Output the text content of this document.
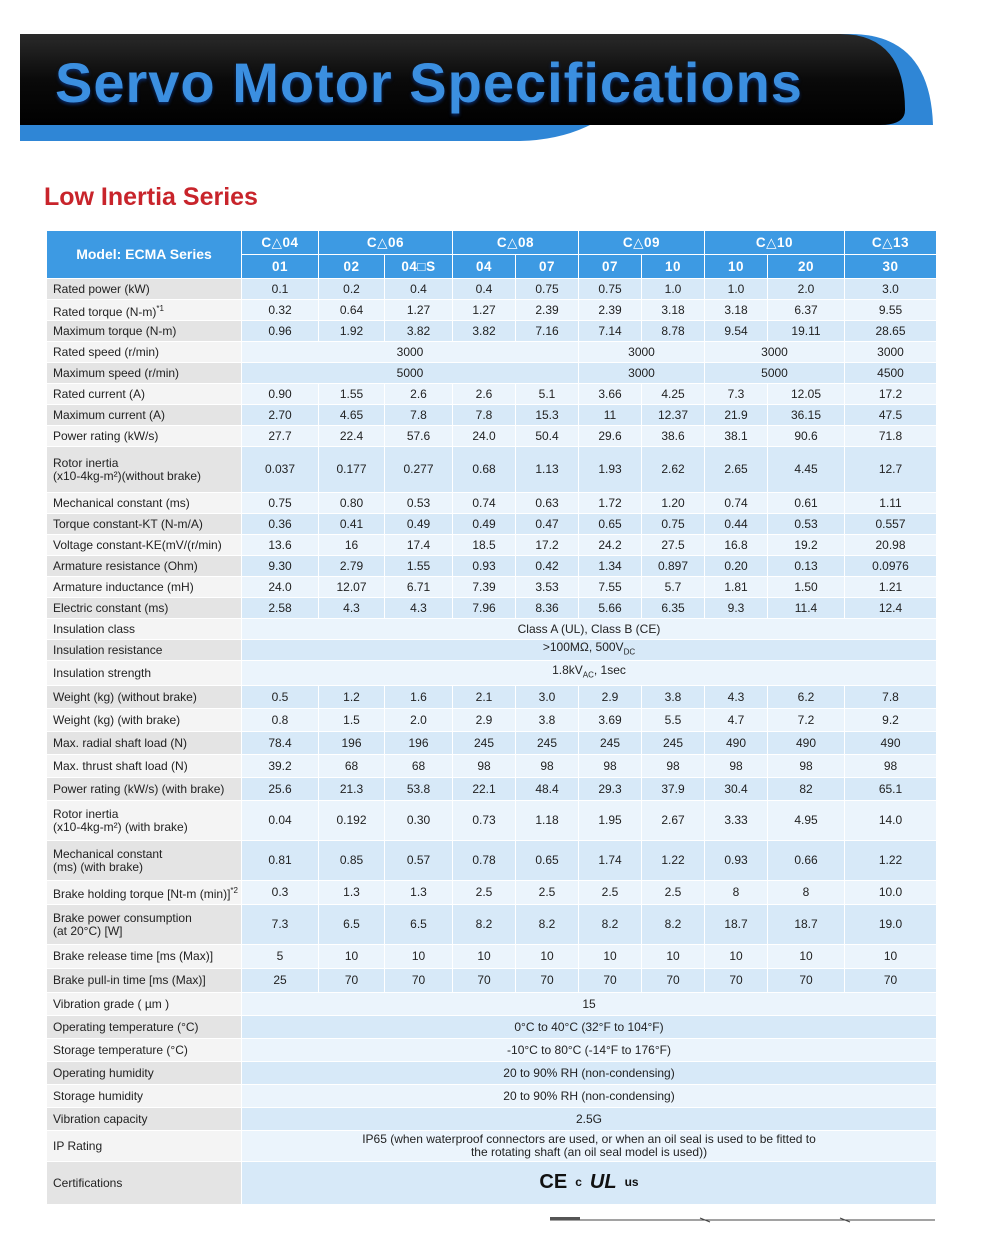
Servo Motor Specifications
Low Inertia Series
Model: ECMA Series	C△04	C△06		C△08		C△09		C△10		C△13
	01	02	04□S	04	07	07	10	10	20	30
Rated power (kW)	0.1	0.2	0.4	0.4	0.75	0.75	1.0	1.0	2.0	3.0
Rated torque $(N-m)^{*1}$	0.32	0.64	1.27	1.27	2.39	2.39	3.18	3.18	6.37	9.55
Maximum torque (N-m)	0.96	1.92	3.82	3.82	7.16	7.14	8.78	9.54	19.11	28.65
Rated speed (r/min)	3000					3000		3000		3000
Maximum speed (r/min)	5000					3000		5000		4500
Rated current (A)	0.90	1.55	2.6	2.6	5.1	3.66	4.25	7.3	12.05	17.2
Maximum current (A)	2.70	4.65	7.8	7.8	15.3	11	12.37	21.9	36.15	47.5
Power rating (kW/s)	27.7	22.4	57.6	24.0	50.4	29.6	38.6	38.1	90.6	71.8
Rotor inertia
(x10-4kg-m²)(without brake)	0.037	0.177	0.277	0.68	1.13	1.93	2.62	2.65	4.45	12.7
Mechanical constant (ms)	0.75	0.80	0.53	0.74	0.63	1.72	1.20	0.74	0.61	1.11
Torque constant-KT (N-m/A)	0.36	0.41	0.49	0.49	0.47	0.65	0.75	0.44	0.53	0.557
Voltage constant-KE(mV/(r/min)	13.6	16	17.4	18.5	17.2	24.2	27.5	16.8	19.2	20.98
Armature resistance (Ohm)	9.30	2.79	1.55	0.93	0.42	1.34	0.897	0.20	0.13	0.0976
Armature inductance (mH)	24.0	12.07	6.71	7.39	3.53	7.55	5.7	1.81	1.50	1.21
Electric constant (ms)	2.58	4.3	4.3	7.96	8.36	5.66	6.35	9.3	11.4	12.4
Insulation class	Class A (UL), Class B (CE)									
Insulation resistance	>100MΩ, $500V_{DC}$
Insulation strength	$1.8kV_{AC}$, 1sec									
Weight (kg) (without brake)	0.5	1.2	1.6	2.1	3.0	2.9	3.8	4.3	6.2	7.8
Weight (kg) (with brake)	0.8	1.5	2.0	2.9	3.8	3.69	5.5	4.7	7.2	9.2
Max. radial shaft load (N)	78.4	196	196	245	245	245	245	490	490	490
Max. thrust shaft load (N)	39.2	68	68	98	98	98	98	98	98	98
Power rating (kW/s) (with brake)	25.6	21.3	53.8	22.1	48.4	29.3	37.9	30.4	82	65.1
Rotor inertia
(x10-4kg-m²) (with brake)	0.04	0.192	0.30	0.73	1.18	1.95	2.67	3.33	4.95	14.0
Mechanical constant
(ms) (with brake)	0.81	0.85	0.57	0.78	0.65	1.74	1.22	0.93	0.66	1.22
Brake holding torque [Nt-m (min)]$^{*2}$	0.3	1.3	1.3	2.5	2.5	2.5	2.5	8	8	10.0
Brake power consumption
(at 20°C) [W]	7.3	6.5	6.5	8.2	8.2	8.2	8.2	18.7	18.7	19.0
Brake release time [ms (Max)]	5	10	10	10	10	10	10	10	10	10
Brake pull-in time [ms (Max)]	25	70	70	70	70	70	70	70	70	70
Vibration grade ( µm )	15									
Operating temperature (°C)	0°C to 40°C (32°F to 104°F)									
Storage temperature (°C)	-10°C to 80°C (-14°F to 176°F)									
Operating humidity	20 to 90% RH (non-condensing)									
Storage humidity	20 to 90% RH (non-condensing)									
Vibration capacity	2.5G									
IP Rating	IP65 (when waterproof connectors are used, or when an oil seal is used to be fitted to
the rotating shaft (an oil seal model is used))									
Certifications	CE c UL us									
